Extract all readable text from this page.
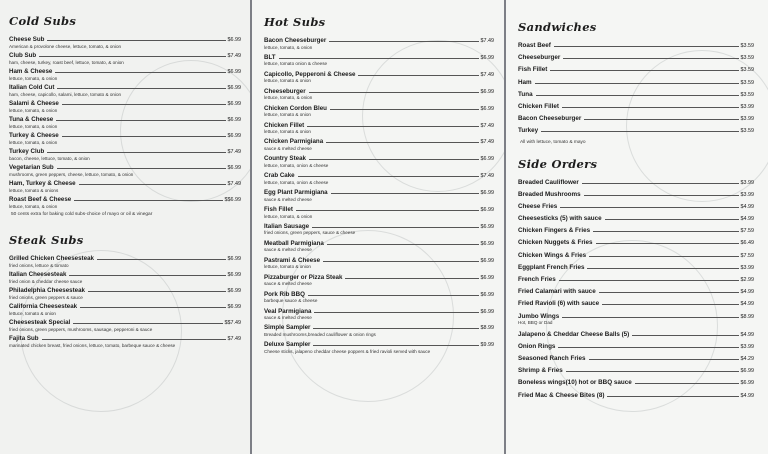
Cold Subs
Cheese Sub	$6.99
American & provolone cheese, lettuce, tomato, & onion
Club Sub	$7.49
ham, cheese, turkey, roast beef, lettuce, tomato, & onion
Ham & Cheese	$6.99
lettuce, tomato, & onion
Italian Cold Cut	$6.99
ham, cheese, capicollo, salami, lettuce, tomato & onion
Salami & Cheese	$6.99
lettuce, tomato, & onion
Tuna & Cheese	$6.99
lettuce, tomato, & onion
Turkey & Cheese	$6.99
lettuce, tomato, & onion
Turkey Club	$7.49
bacon, cheese, lettuce, tomato, & onion
Vegetarian Sub	$6.99
mushrooms, green peppers, cheese, lettuce, tomato, & onion
Ham, Turkey & Cheese	$7.49
lettuce, tomato & onions
Roast Beef & Cheese	$$6.99
lettuce, tomato, & onion
50 cents extra for baking cold subs-choice of mayo or oil & vinegar
Steak Subs
Grilled Chicken Cheesesteak	$6.99
fried onions, lettuce & tomato
Italian Cheesesteak	$6.99
fried onion & cheddar cheese sauce
Philadelphia Cheesesteak	$6.99
fried onions, green peppers & sauce
California Cheesesteak	$6.99
lettuce, tomato & onion
Cheesesteak Special	$$7.49
fried onions, green peppers, mushrooms, sausage, pepperoni & sauce
Fajita Sub	$7.49
marinated chicken breast, fried onions, lettuce, tomato, barbeque sauce & cheese
Hot Subs
Bacon Cheeseburger	$7.49
lettuce, tomato, & onion
BLT	$6.99
lettuce, tomato onion & cheese
Capicollo, Pepperoni & Cheese	$7.49
lettuce, tomato & onion
Cheeseburger	$6.99
lettuce, tomato, & onion
Chicken Cordon Bleu	$6.99
lettuce, tomato & onion
Chicken Fillet	$7.49
lettuce, tomato & onion
Chicken Parmigiana	$7.49
sauce & melted cheese
Country Steak	$6.99
lettuce, tomato, onion & cheese
Crab Cake	$7.49
lettuce, tomato, onion & cheese
Egg Plant Parmigiana	$6.99
sauce & melted cheese
Fish Fillet	$6.99
lettuce, tomato, & onion
Italian Sausage	$6.99
fried onions, green peppers, sauce & cheese
Meatball Parmigiana	$6.99
sauce & melted cheese
Pastrami & Cheese	$6.99
lettuce, tomato & onion
Pizzaburger or Pizza Steak	$6.99
sauce & melted cheese
Pork Rib BBQ	$6.99
barbeque sauce & cheese
Veal Parmigiana	$6.99
sauce & melted cheese
Simple Sampler	$8.99
Breaded mushrooms,breaded cauliflower & onion rings
Deluxe Sampler	$9.99
Cheese sticks, jalapeno cheddar cheese poppers & fried ravioli served with sauce
Sandwiches
Roast Beef	$3.59
Cheeseburger	$3.59
Fish Fillet	$3.59
Ham	$3.59
Tuna	$3.59
Chicken Fillet	$3.99
Bacon Cheeseburger	$3.99
Turkey	$3.59
All with lettuce, tomato & mayo
Side Orders
Breaded Cauliflower	$3.99
Breaded Mushrooms	$3.99
Cheese Fries	$4.99
Cheesesticks (5) with sauce	$4.99
Chicken Fingers & Fries	$7.59
Chicken Nuggets & Fries	$6.49
Chicken Wings & Fries	$7.59
Eggplant French Fries	$3.99
French Fries	$2.99
Fried Calamari with sauce	$4.99
Fried Ravioli (6) with sauce	$4.99
Jumbo Wings	$8.99
Hot, BBQ or Dad
Jalapeno & Cheddar Cheese Balls (5)	$4.99
Onion Rings	$3.99
Seasoned Ranch Fries	$4.29
Shrimp & Fries	$6.99
Boneless wings(10) hot or BBQ sauce	$6.99
Fried Mac & Cheese Bites (8)	$4.99
